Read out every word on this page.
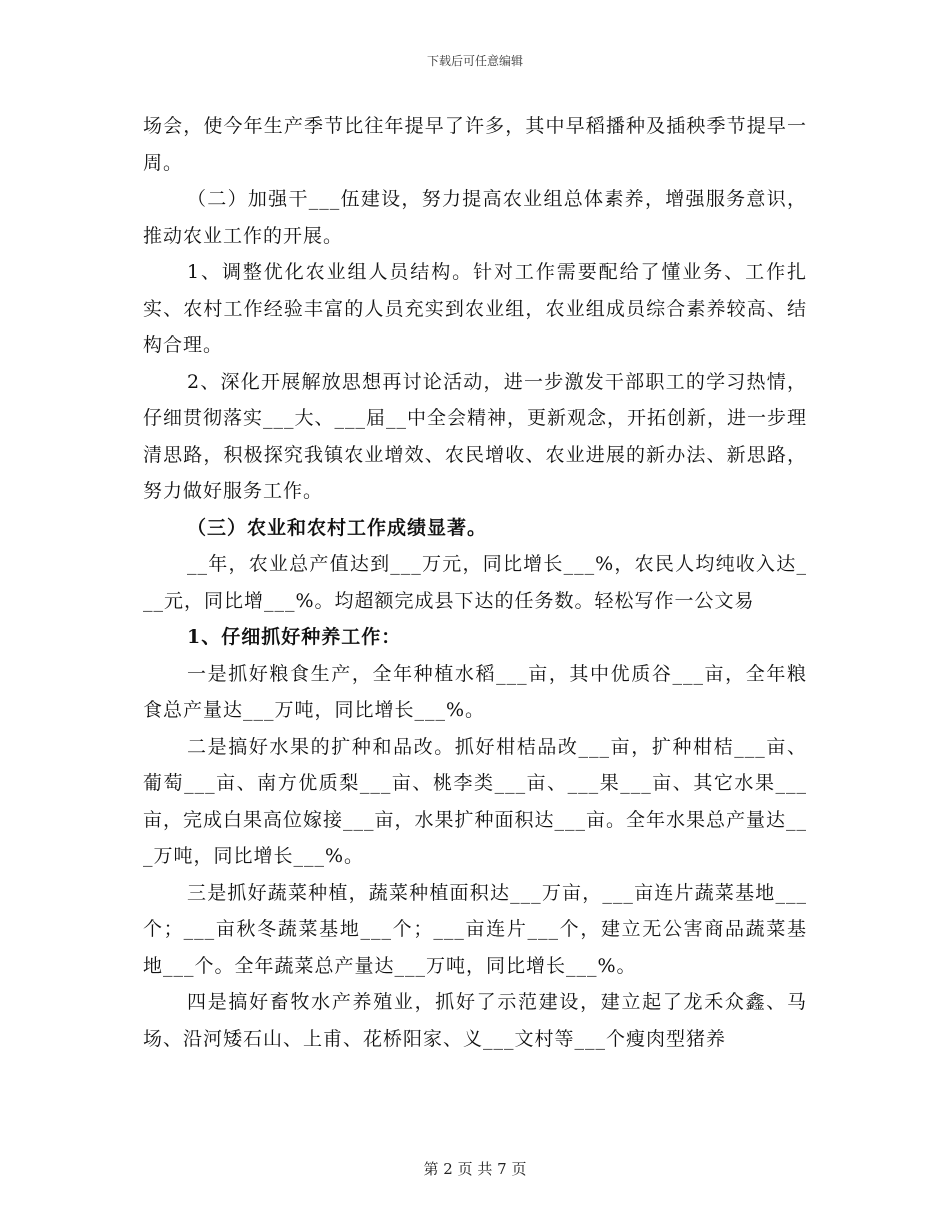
下载后可任意编辑

场会，使今年生产季节比往年提早了许多，其中早稻播种及插秧季节提早一周。

（二）加强干___伍建设，努力提高农业组总体素养，增强服务意识，推动农业工作的开展。

1、调整优化农业组人员结构。针对工作需要配给了懂业务、工作扎实、农村工作经验丰富的人员充实到农业组，农业组成员综合素养较高、结构合理。

2、深化开展解放思想再讨论活动，进一步激发干部职工的学习热情，仔细贯彻落实___大、___届__中全会精神，更新观念，开拓创新，进一步理清思路，积极探究我镇农业增效、农民增收、农业进展的新办法、新思路，努力做好服务工作。

（三）农业和农村工作成绩显著。

__年，农业总产值达到___万元，同比增长___%，农民人均纯收入达___元，同比增___%。均超额完成县下达的任务数。轻松写作一公文易

1、仔细抓好种养工作：

一是抓好粮食生产，全年种植水稻___亩，其中优质谷___亩，全年粮食总产量达___万吨，同比增长___%。

二是搞好水果的扩种和品改。抓好柑桔品改___亩，扩种柑桔___亩、葡萄___亩、南方优质梨___亩、桃李类___亩、___果___亩、其它水果___亩，完成白果高位嫁接___亩，水果扩种面积达___亩。全年水果总产量达___万吨，同比增长___%。

三是抓好蔬菜种植，蔬菜种植面积达___万亩，___亩连片蔬菜基地___个；___亩秋冬蔬菜基地___个；___亩连片___个，建立无公害商品蔬菜基地___个。全年蔬菜总产量达___万吨，同比增长___%。

四是搞好畜牧水产养殖业，抓好了示范建设，建立起了龙禾众鑫、马场、沿河矮石山、上甫、花桥阳家、义___文村等___个瘦肉型猪养

第 2 页 共 7 页
